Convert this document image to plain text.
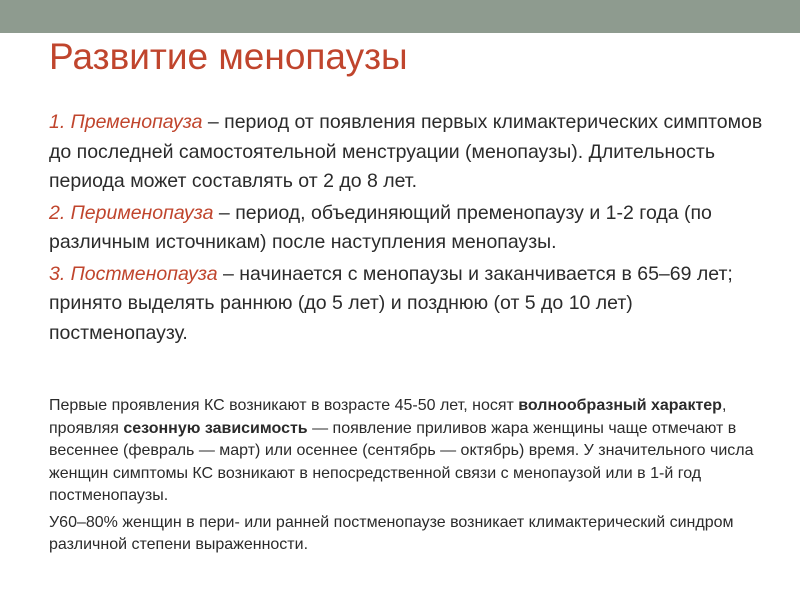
Развитие менопаузы

1. Пременопауза – период от появления первых климактерических симптомов до последней самостоятельной менструации (менопаузы). Длительность периода может составлять от 2 до 8 лет.

2. Перименопауза – период, объединяющий пременопаузу и 1-2 года (по различным источникам) после наступления менопаузы.

3. Постменопауза – начинается с менопаузы и заканчивается в 65–69 лет; принято выделять раннюю (до 5 лет) и позднюю (от 5 до 10 лет) постменопаузу.

Первые проявления КС возникают в возрасте 45-50 лет, носят волнообразный характер, проявляя сезонную зависимость — появление приливов жара женщины чаще отмечают в весеннее (февраль — март) или осеннее (сентябрь — октябрь) время. У значительного числа женщин симптомы КС возникают в непосредственной связи с менопаузой или в 1-й год постменопаузы.

У60–80% женщин в пери- или ранней постменопаузе возникает климактерический синдром различной степени выраженности.
